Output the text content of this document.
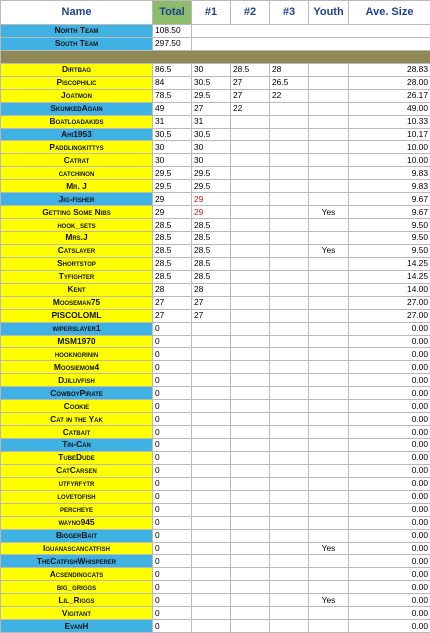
Name	Total	#1	#2	#3	Youth	Ave. Size
North Team	108.50					
South Team	297.50					

Dirtbag	86.5	30	28.5	28		28.83
Piscophilic	84	30.5	27	26.5		28.00
Joatmon	78.5	29.5	27	22		26.17
SkunkedAgain	49	27	22			49.00
Boatloadakids	31	31				10.33
Ahi1953	30.5	30.5				10.17
Paddlingkittys	30	30				10.00
Catrat	30	30				10.00
catchinon	29.5	29.5				9.83
Mr. J	29.5	29.5				9.83
Jig-fisher	29	29				9.67
Getting Some Nibs	29	29			Yes	9.67
hook_sets	28.5	28.5				9.50
Mrs.J	28.5	28.5				9.50
Catslayer	28.5	28.5			Yes	9.50
Shortstop	28.5	28.5				14.25
Tyfighter	28.5	28.5				14.25
Kent	28	28				14.00
Mooseman75	27	27				27.00
PISCOLOML	27	27				27.00
wiperslayer1	0					0.00
MSM1970	0					0.00
hookngrinin	0					0.00
Moosiemom4	0					0.00
Djiluvfish	0					0.00
CowboyPirate	0					0.00
Cookie	0					0.00
Cat in the Yak	0					0.00
Catbait	0					0.00
Tin-Can	0					0.00
TubeDude	0					0.00
CatCarsen	0					0.00
utfyrfytr	0					0.00
lovetofish	0					0.00
percheye	0					0.00
wayno945	0					0.00
BiggerBait	0					0.00
Iguanascancatfish	0				Yes	0.00
TheCatfishWhisperer	0					0.00
Acsendingcats	0					0.00
big_griggs	0					0.00
Lil_Riggs	0				Yes	0.00
Vigitant	0					0.00
EvanH	0					0.00
